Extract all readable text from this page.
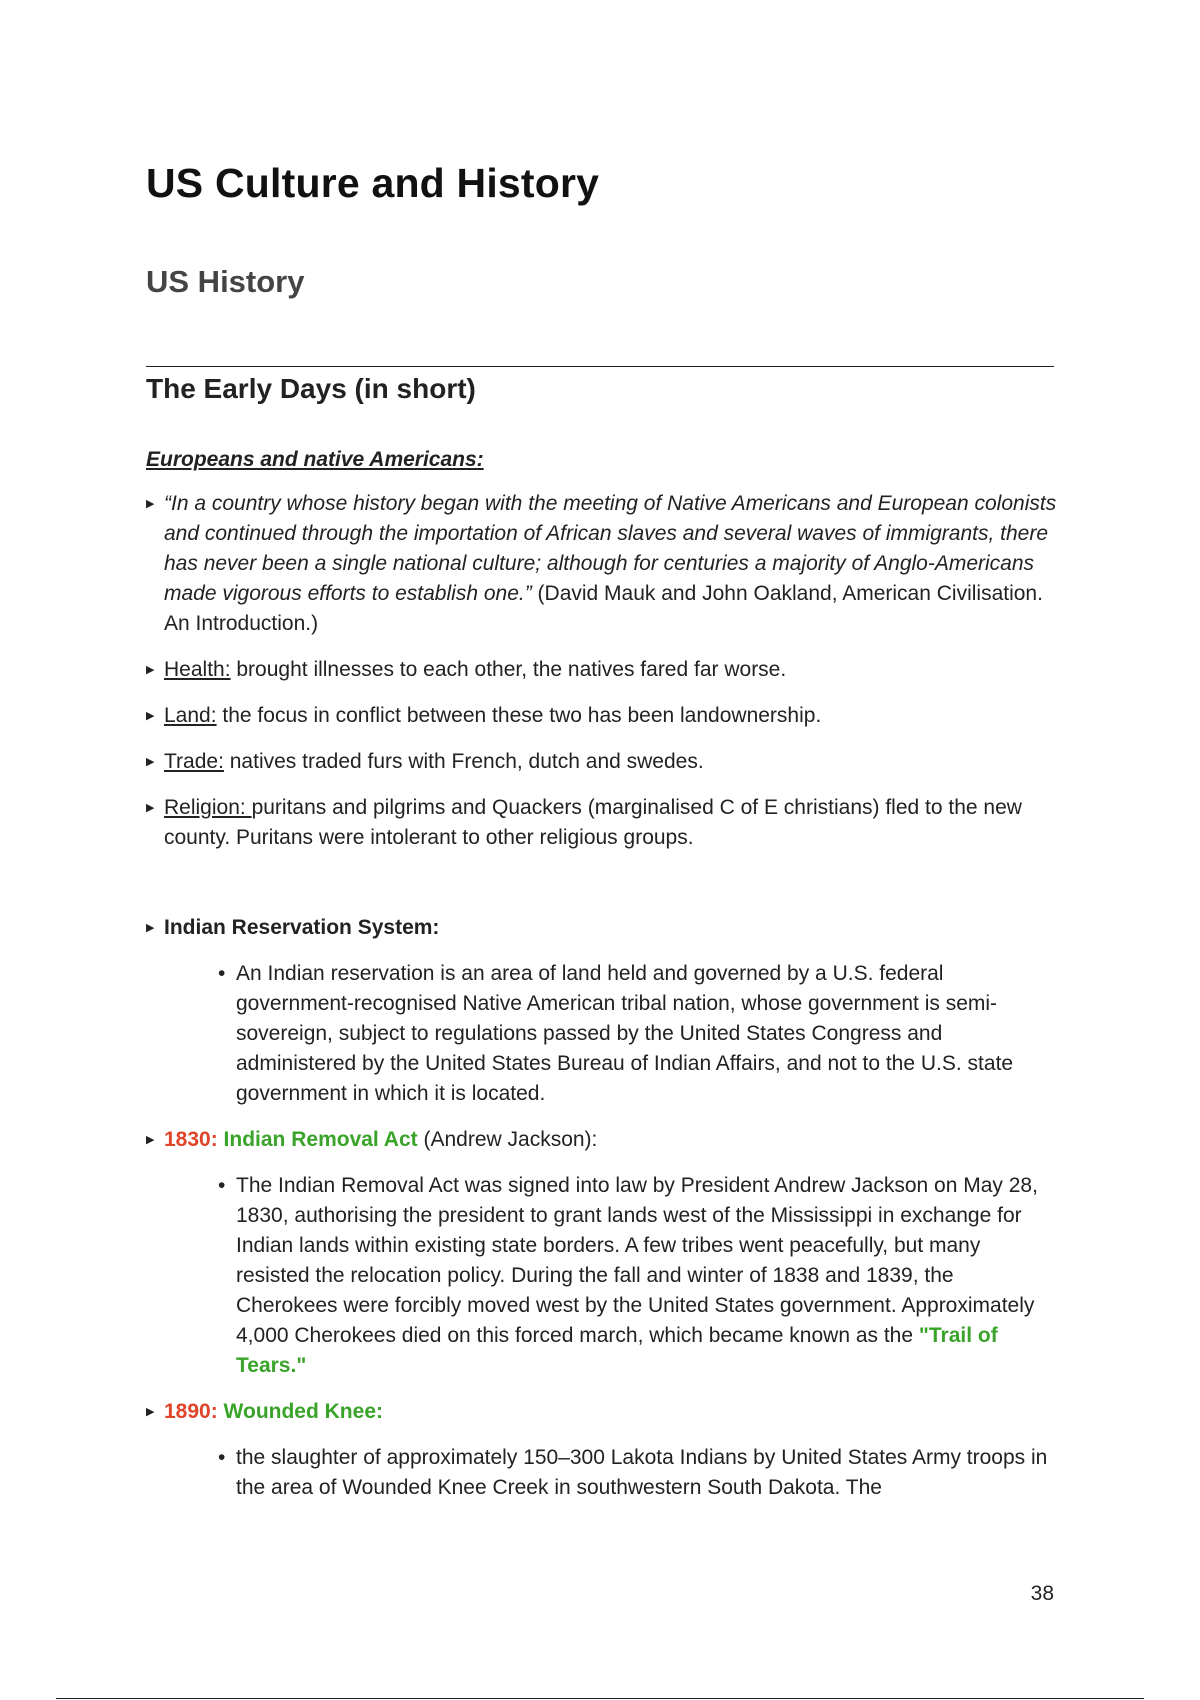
US Culture and History
US History
The Early Days (in short)

Europeans and native Americans:

▶ “In a country whose history began with the meeting of Native Americans and European colonists and continued through the importation of African slaves and several waves of immigrants, there has never been a single national culture; although for centuries a majority of Anglo-Americans made vigorous efforts to establish one.” (David Mauk and John Oakland, American Civilisation. An Introduction.)
▶ Health: brought illnesses to each other, the natives fared far worse.
▶ Land: the focus in conflict between these two has been landownership.
▶ Trade: natives traded furs with French, dutch and swedes.
▶ Religion: puritans and pilgrims and Quackers (marginalised C of E christians) fled to the new county. Puritans were intolerant to other religious groups.
▶ Indian Reservation System:
• An Indian reservation is an area of land held and governed by a U.S. federal government-recognised Native American tribal nation, whose government is semi-sovereign, subject to regulations passed by the United States Congress and administered by the United States Bureau of Indian Affairs, and not to the U.S. state government in which it is located.
▶ 1830: Indian Removal Act (Andrew Jackson):
• The Indian Removal Act was signed into law by President Andrew Jackson on May 28, 1830, authorising the president to grant lands west of the Mississippi in exchange for Indian lands within existing state borders. A few tribes went peacefully, but many resisted the relocation policy. During the fall and winter of 1838 and 1839, the Cherokees were forcibly moved west by the United States government. Approximately 4,000 Cherokees died on this forced march, which became known as the "Trail of Tears."
▶ 1890: Wounded Knee:
• the slaughter of approximately 150–300 Lakota Indians by United States Army troops in the area of Wounded Knee Creek in southwestern South Dakota. The
38
